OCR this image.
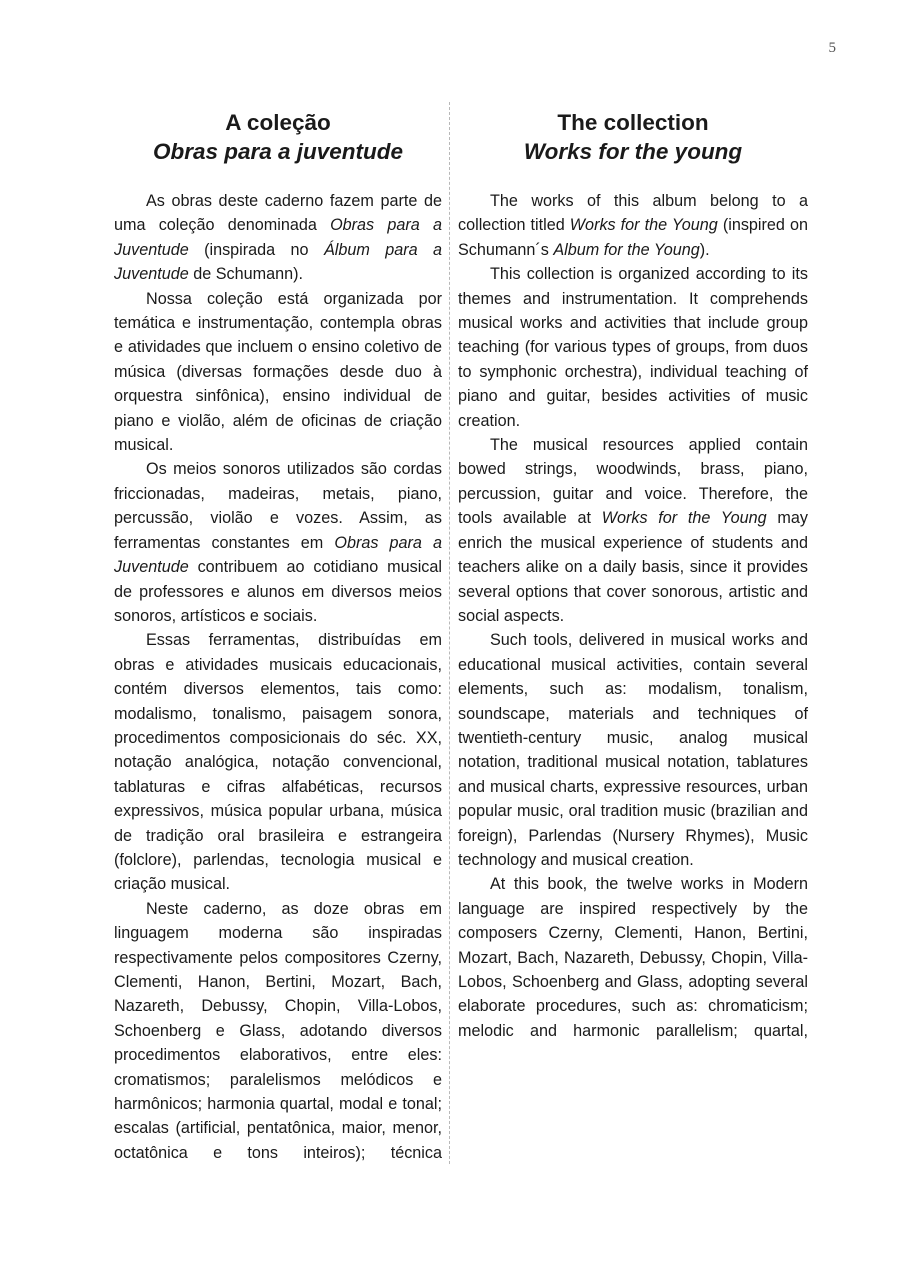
5
A coleção
Obras para a juventude

As obras deste caderno fazem parte de uma coleção denominada Obras para a Juventude (inspirada no Álbum para a Juventude de Schumann).

Nossa coleção está organizada por temática e instrumentação, contempla obras e atividades que incluem o ensino coletivo de música (diversas formações desde duo à orquestra sinfônica), ensino individual de piano e violão, além de oficinas de criação musical.

Os meios sonoros utilizados são cordas friccionadas, madeiras, metais, piano, percussão, violão e vozes. Assim, as ferramentas constantes em Obras para a Juventude contribuem ao cotidiano musical de professores e alunos em diversos meios sonoros, artísticos e sociais.

Essas ferramentas, distribuídas em obras e atividades musicais educacionais, contém diversos elementos, tais como: modalismo, tonalismo, paisagem sonora, procedimentos composicionais do séc. XX, notação analógica, notação convencional, tablaturas e cifras alfabéticas, recursos expressivos, música popular urbana, música de tradição oral brasileira e estrangeira (folclore), parlendas, tecnologia musical e criação musical.

Neste caderno, as doze obras em linguagem moderna são inspiradas respectivamente pelos compositores Czerny, Clementi, Hanon, Bertini, Mozart, Bach, Nazareth, Debussy, Chopin, Villa-Lobos, Schoenberg e Glass, adotando diversos procedimentos elaborativos, entre eles: cromatismos; paralelismos melódicos e harmônicos; harmonia quartal, modal e tonal; escalas (artificial, pentatônica, maior, menor, octatônica e tons inteiros); técnica

The collection
Works for the young

The works of this album belong to a collection titled Works for the Young (inspired on Schumann´s Album for the Young).

This collection is organized according to its themes and instrumentation. It comprehends musical works and activities that include group teaching (for various types of groups, from duos to symphonic orchestra), individual teaching of piano and guitar, besides activities of music creation.

The musical resources applied contain bowed strings, woodwinds, brass, piano, percussion, guitar and voice. Therefore, the tools available at Works for the Young may enrich the musical experience of students and teachers alike on a daily basis, since it provides several options that cover sonorous, artistic and social aspects.

Such tools, delivered in musical works and educational musical activities, contain several elements, such as: modalism, tonalism, soundscape, materials and techniques of twentieth-century music, analog musical notation, traditional musical notation, tablatures and musical charts, expressive resources, urban popular music, oral tradition music (brazilian and foreign), Parlendas (Nursery Rhymes), Music technology and musical creation.

At this book, the twelve works in Modern language are inspired respectively by the composers Czerny, Clementi, Hanon, Bertini, Mozart, Bach, Nazareth, Debussy, Chopin, Villa-Lobos, Schoenberg and Glass, adopting several elaborate procedures, such as: chromaticism; melodic and harmonic parallelism; quartal,
